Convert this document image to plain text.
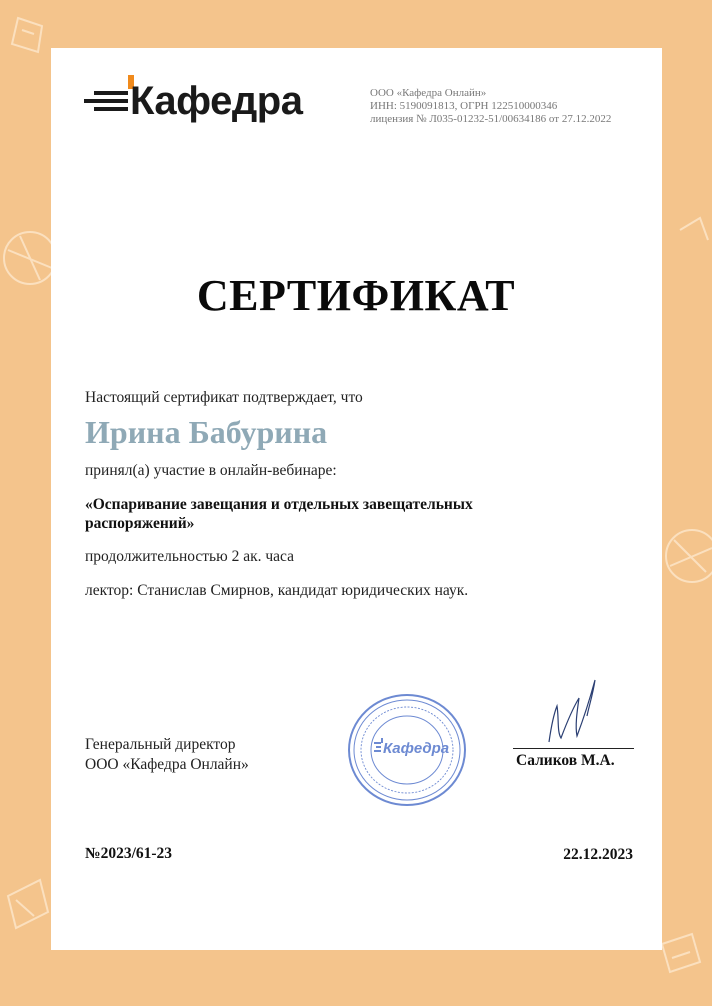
Кафедра	ООО «Кафедра Онлайн»
ИНН: 5190091813, ОГРН 122510000346
лицензия № Л035-01232-51/00634186 от 27.12.2022
СЕРТИФИКАТ
Настоящий сертификат подтверждает, что
Ирина Бабурина
принял(а) участие в онлайн-вебинаре:
«Оспаривание завещания и отдельных завещательных
распоряжений»
продолжительностью 2 ак. часа
лектор: Станислав Смирнов, кандидат юридических наук.
Генеральный директор
ООО «Кафедра Онлайн»
Кафедра
Саликов М.А.
№2023/61-23	22.12.2023
